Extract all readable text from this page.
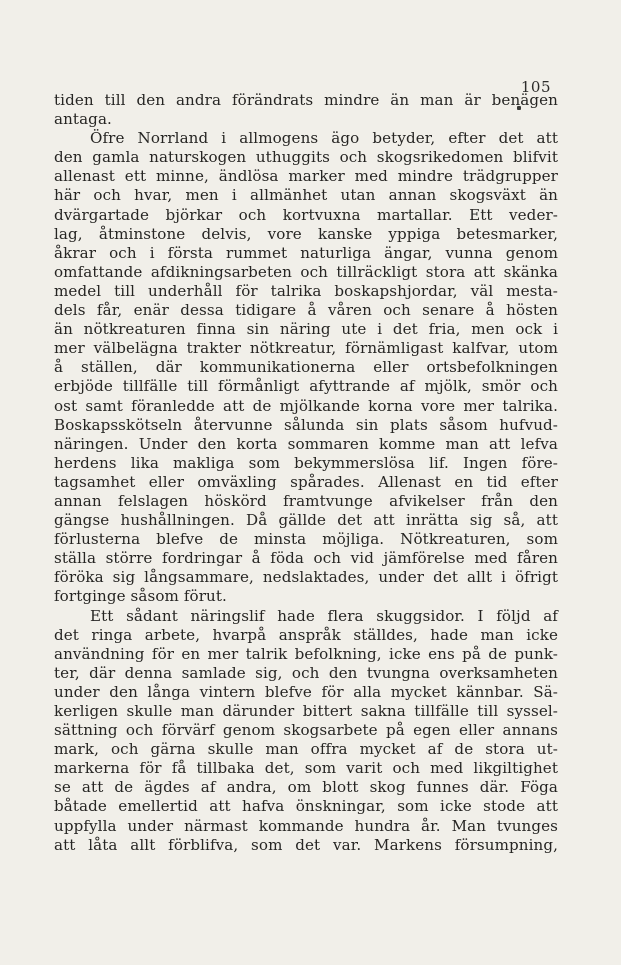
105
tiden till den andra förändrats mindre än man är benägen
antaga.
Öfre Norrland i allmogens ägo betyder, efter det att
den gamla naturskogen uthuggits och skogsrikedomen blifvit
allenast ett minne, ändlösa marker med mindre trädgrupper
här och hvar, men i allmänhet utan annan skogsväxt än
dvärgartade björkar och kortvuxna martallar. Ett veder-
lag, åtminstone delvis, vore kanske yppiga betesmarker,
åkrar och i första rummet naturliga ängar, vunna genom
omfattande afdikningsarbeten och tillräckligt stora att skänka
medel till underhåll för talrika boskapshjordar, väl mesta-
dels får, enär dessa tidigare å våren och senare å hösten
än nötkreaturen finna sin näring ute i det fria, men ock i
mer välbelägna trakter nötkreatur, förnämligast kalfvar, utom
å ställen, där kommunikationerna eller ortsbefolkningen
erbjöde tillfälle till förmånligt afyttrande af mjölk, smör och
ost samt föranledde att de mjölkande korna vore mer talrika.
Boskapsskötseln återvunne sålunda sin plats såsom hufvud-
näringen. Under den korta sommaren komme man att lefva
herdens lika makliga som bekymmerslösa lif. Ingen före-
tagsamhet eller omväxling spårades. Allenast en tid efter
annan felslagen höskörd framtvunge afvikelser från den
gängse hushållningen. Då gällde det att inrätta sig så, att
förlusterna blefve de minsta möjliga. Nötkreaturen, som
ställa större fordringar å föda och vid jämförelse med fåren
föröka sig långsammare, nedslaktades, under det allt i öfrigt
fortginge såsom förut.
Ett sådant näringslif hade flera skuggsidor. I följd af
det ringa arbete, hvarpå anspråk ställdes, hade man icke
användning för en mer talrik befolkning, icke ens på de punk-
ter, där denna samlade sig, och den tvungna overksamheten
under den långa vintern blefve för alla mycket kännbar. Sä-
kerligen skulle man därunder bittert sakna tillfälle till syssel-
sättning och förvärf genom skogsarbete på egen eller annans
mark, och gärna skulle man offra mycket af de stora ut-
markerna för få tillbaka det, som varit och med likgiltighet
se att de ägdes af andra, om blott skog funnes där. Föga
båtade emellertid att hafva önskningar, som icke stode att
uppfylla under närmast kommande hundra år. Man tvunges
att låta allt förblifva, som det var. Markens försumpning,
